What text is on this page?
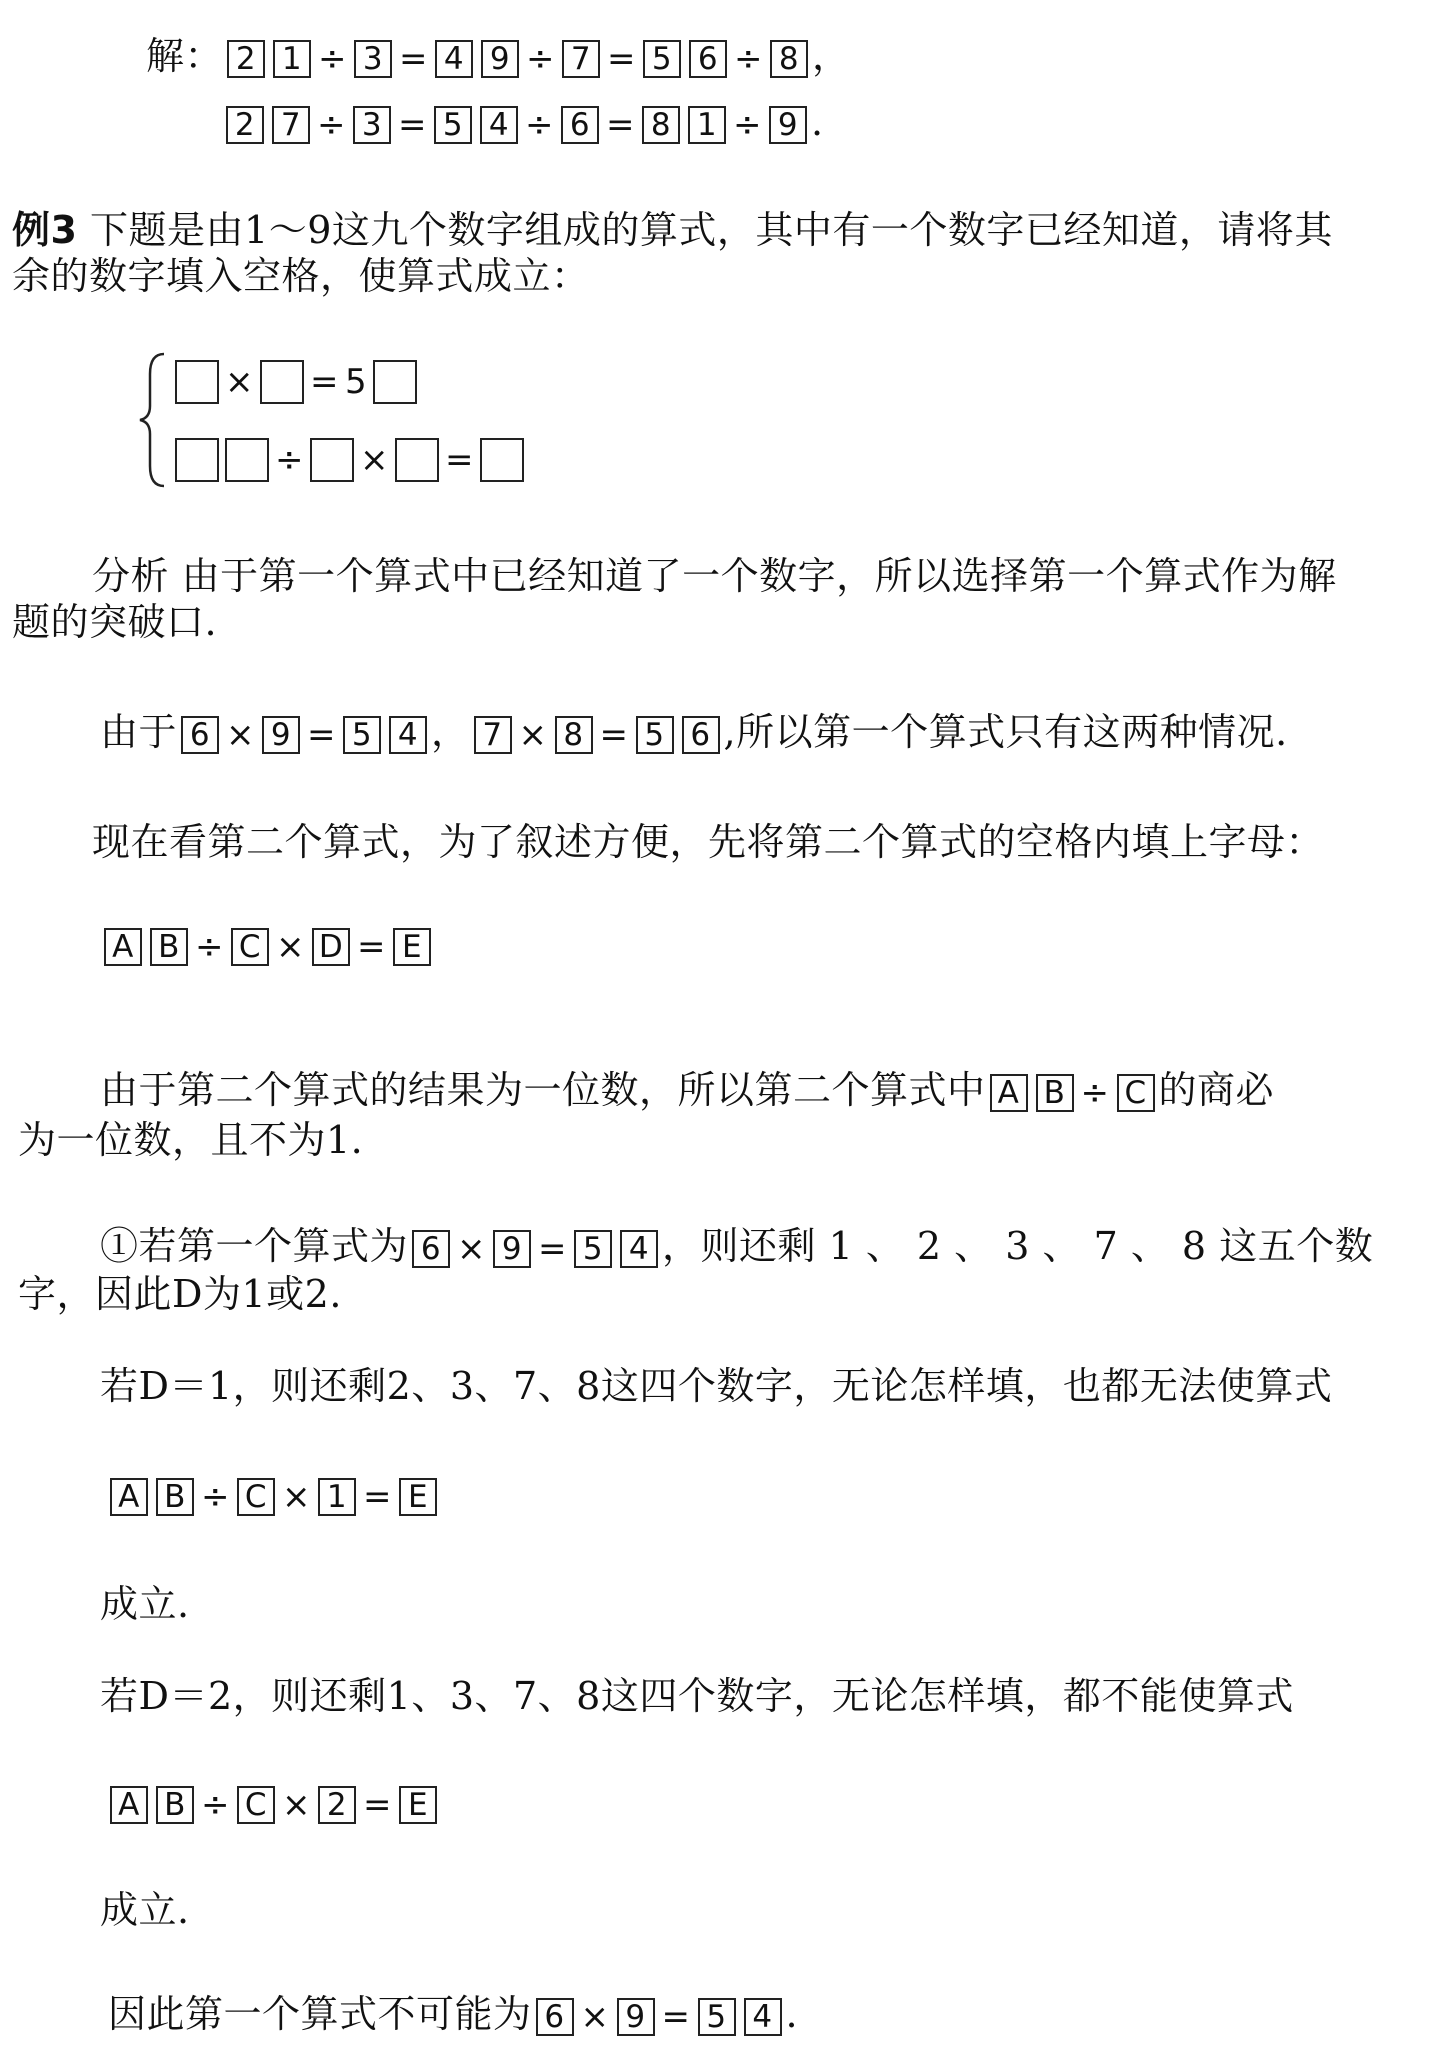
解： 2 1 ÷ 3 = 4 9 ÷ 7 = 5 6 ÷ 8 ，
2 7 ÷ 3 = 5 4 ÷ 6 = 8 1 ÷ 9 .
例3 下题是由1～9这九个数字组成的算式，其中有一个数字已经知道，请将其
余的数字填入空格，使算式成立：
× = 5
÷ × =
分析 由于第一个算式中已经知道了一个数字，所以选择第一个算式作为解
题的突破口.
由于 6 × 9 = 5 4 ， 7 × 8 = 5 6 ,所以第一个算式只有这两种情况.
现在看第二个算式，为了叙述方便，先将第二个算式的空格内填上字母：
A B ÷ C × D = E
由于第二个算式的结果为一位数，所以第二个算式中 A B ÷ C 的商必
为一位数，且不为1.
①若第一个算式为 6 × 9 = 5 4 ，则还剩 1 、 2 、 3 、 7 、 8 这五个数
字，因此D为1或2.
若D＝1，则还剩2、3、7、8这四个数字，无论怎样填，也都无法使算式
A B ÷ C × 1 = E
成立.
若D＝2，则还剩1、3、7、8这四个数字，无论怎样填，都不能使算式
A B ÷ C × 2 = E
成立.
因此第一个算式不可能为 6 × 9 = 5 4 .
